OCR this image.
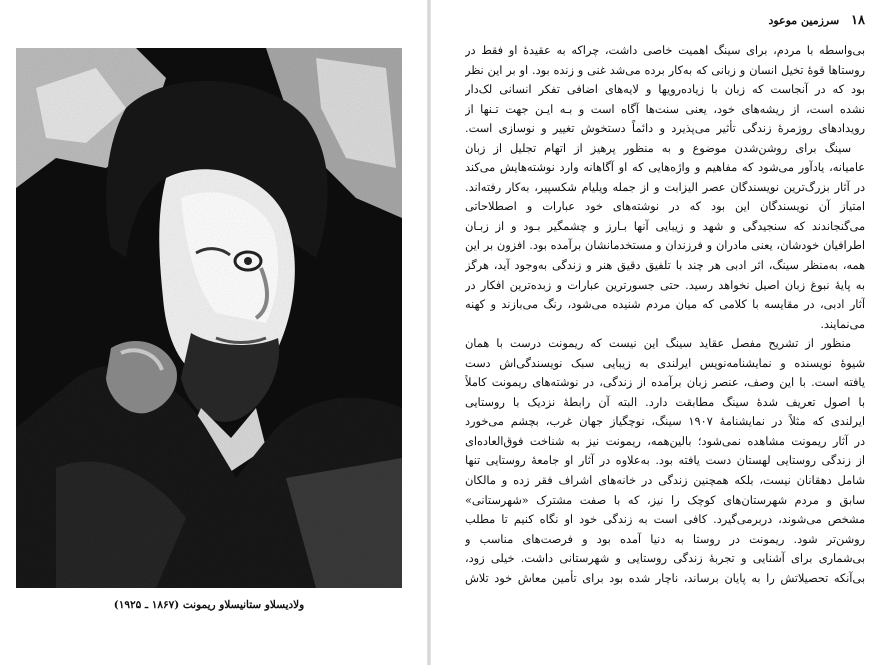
ولادیسلاو ستانیسلاو ریمونت (۱۸۶۷ ـ ۱۹۲۵)
۱۸ سرزمین موعود
بی‌واسطه با مردم، برای سینگ اهمیت خاصی داشت، چراکه به عقیدهٔ او فقط در
روستاها قوهٔ تخیل انسان و زبانی که به‌کار برده می‌شد غنی و زنده بود. او بر این نظر
بود که در آنجاست که زبان با زیاده‌رویها و لایه‌های اضافی تفکر انسانی لک‌دار
نشده است، از ریشه‌های خود، یعنی سنت‌ها آگاه است و بـه ایـن جهت تـنها از
رویدادهای روزمرهٔ زندگی تأثیر می‌پذیرد و دائماً دستخوش تغییر و نوسازی است.
سینگ برای روشن‌شدن موضوع و به منظور پرهیز از اتهام تجلیل از زبان
عامیانه، یادآور می‌شود که مفاهیم و واژه‌هایی که او آگاهانه وارد نوشته‌هایش می‌کند
در آثار بزرگ‌ترین نویسندگان عصر الیزابت و از جمله ویلیام شکسپیر، به‌کار رفته‌اند.
امتیاز آن نویسندگان این بود که در نوشته‌های خود عبارات و اصطلاحاتی
می‌گنجاندند که سنجیدگی و شهد و زیبایی آنها بـارز و چشمگیر بـود و از زبـان
اطرافیان خودشان، یعنی مادران و فرزندان و مستخدمانشان برآمده بود. افزون بر این
همه، به‌منظر سینگ، اثر ادبی هر چند با تلفیق دقیق هنر و زندگی به‌وجود آید، هرگز
به پایهٔ نبوغ زبان اصیل نخواهد رسید. حتی جسورترین عبارات و زبده‌ترین افکار در
آثار ادبی، در مقایسه با کلامی که میان مردم شنیده می‌شود، رنگ می‌بازند و کهنه
می‌نمایند.
منظور از تشریح مفصل عقاید سینگ این نیست که ریمونت درست با همان
شیوهٔ نویسنده و نمایشنامه‌نویس ایرلندی به زیبایی سبک نویسندگی‌اش دست
یافته است. با این وصف، عنصر زبان برآمده از زندگی، در نوشته‌های ریمونت کاملاً
با اصول تعریف شدهٔ سینگ مطابقت دارد. البته آن رابطهٔ نزدیک با روستایی
ایرلندی که مثلاً در نمایشنامهٔ ۱۹۰۷ سینگ، نوچگیاز جهان غرب، بچشم می‌خورد
در آثار ریمونت مشاهده نمی‌شود؛ بالین‌همه، ریمونت نیز به شناخت فوق‌العاده‌ای
از زندگی روستایی لهستان دست یافته بود. به‌علاوه در آثار او جامعهٔ روستایی تنها
شامل دهقانان نیست، بلکه همچنین زندگی در خانه‌های اشراف فقر زده و مالکان
سابق و مردم شهرستان‌های کوچک را نیز، که با صفت مشترک «شهرستانی»
مشخص می‌شوند، دربرمی‌گیرد. کافی است به زندگی خود او نگاه کنیم تا مطلب
روشن‌تر شود. ریمونت در روستا به دنیا آمده بود و فرصت‌های مناسب و
بی‌شماری برای آشنایی و تجربهٔ زندگی روستایی و شهرستانی داشت. خیلی زود،
بی‌آنکه تحصیلاتش را به پایان برساند، ناچار شده بود برای تأمین معاش خود تلاش
